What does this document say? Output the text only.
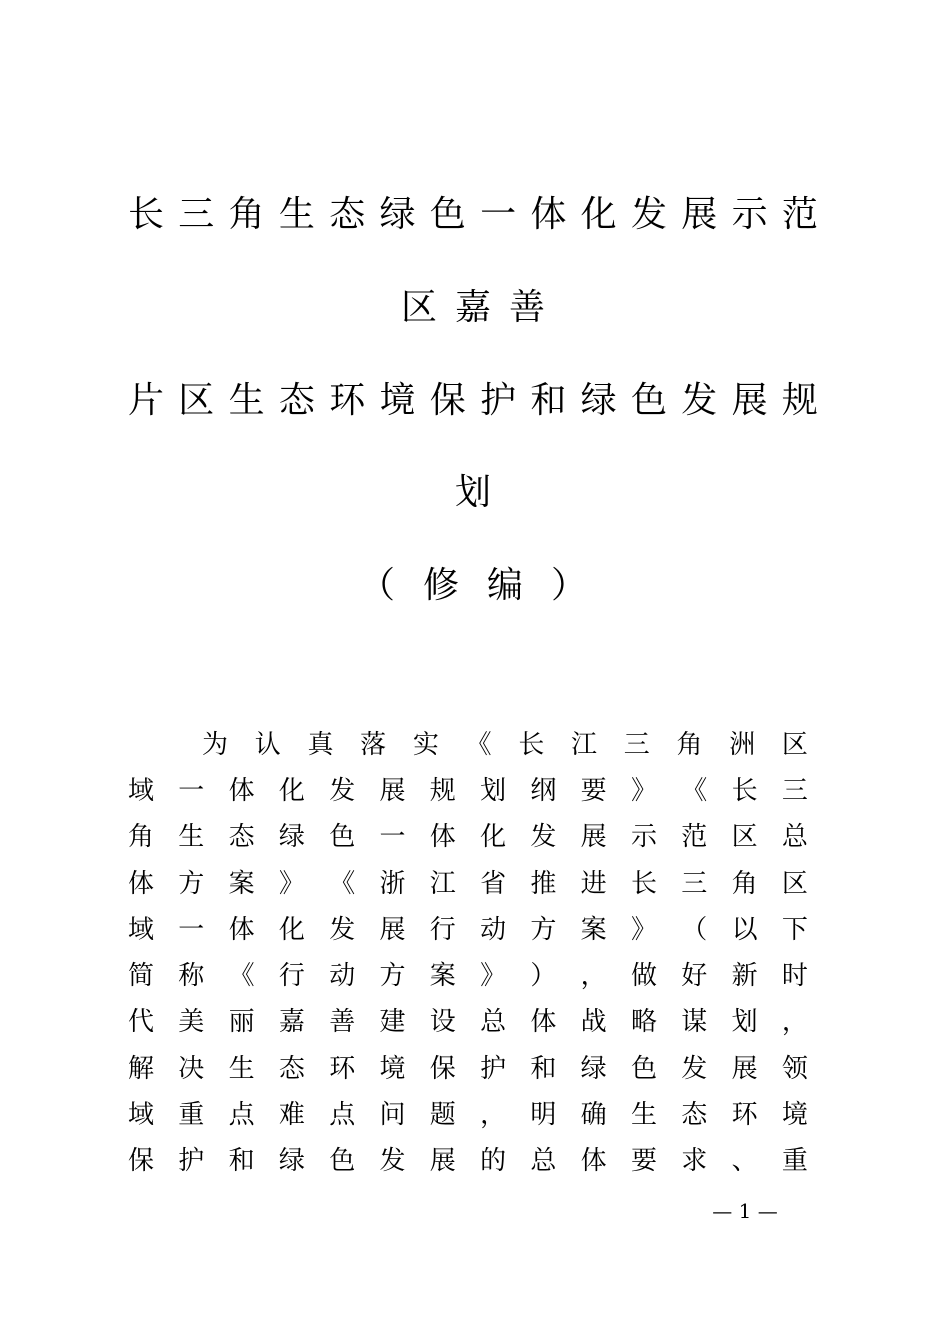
长 三 角 生 态 绿 色 一 体 化 发 展 示 范
区 嘉 善
片 区 生 态 环 境 保 护 和 绿 色 发 展 规
划
（ 修 编 ）
为 认 真 落 实 《 长 江 三 角 洲 区
域 一 体 化 发 展 规 划 纲 要 》 《 长 三
角 生 态 绿 色 一 体 化 发 展 示 范 区 总
体 方 案 》 《 浙 江 省 推 进 长 三 角 区
域 一 体 化 发 展 行 动 方 案 》 （ 以 下
简 称 《 行 动 方 案 》 ） ， 做 好 新 时
代 美 丽 嘉 善 建 设 总 体 战 略 谋 划 ，
解 决 生 态 环 境 保 护 和 绿 色 发 展 领
域 重 点 难 点 问 题 ， 明 确 生 态 环 境
保 护 和 绿 色 发 展 的 总 体 要 求 、 重
— 1 —
